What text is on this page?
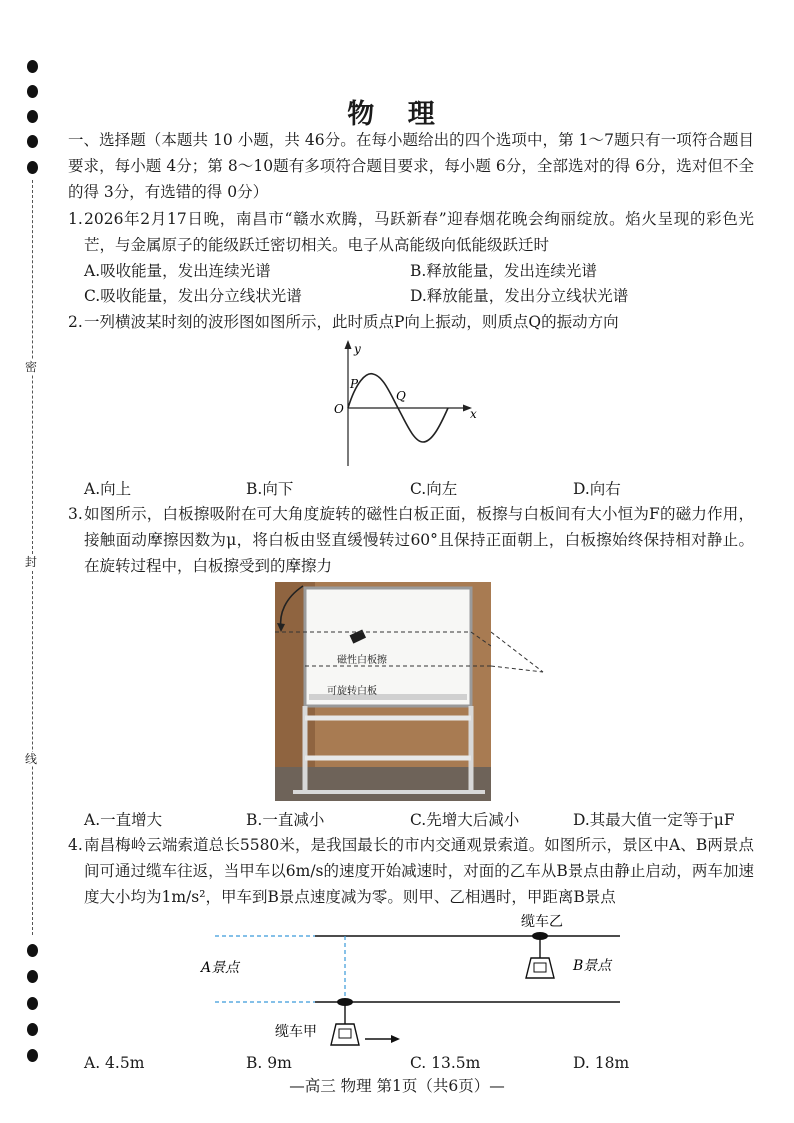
密
封
线
物 理
一、选择题（本题共 10 小题，共 46分。在每小题给出的四个选项中，第 1～7题只有一项符合题目要求，每小题 4分；第 8～10题有多项符合题目要求，每小题 6分，全部选对的得 6分，选对但不全的得 3分，有选错的得 0分）
1. 2026年2月17日晚，南昌市“赣水欢腾，马跃新春”迎春烟花晚会绚丽绽放。焰火呈现的彩色光芒，与金属原子的能级跃迁密切相关。电子从高能级向低能级跃迁时
A.吸收能量，发出连续光谱	B.释放能量，发出连续光谱
C.吸收能量，发出分立线状光谱	D.释放能量，发出分立线状光谱
2. 一列横波某时刻的波形图如图所示，此时质点P向上振动，则质点Q的振动方向
y
x
O
P
Q
A.向上	B.向下	C.向左	D.向右
3. 如图所示，白板擦吸附在可大角度旋转的磁性白板正面，板擦与白板间有大小恒为F的磁力作用，接触面动摩擦因数为μ，将白板由竖直缓慢转过60°且保持正面朝上，白板擦始终保持相对静止。在旋转过程中，白板擦受到的摩擦力
磁性白板擦
可旋转白板
A.一直增大	B.一直减小	C.先增大后减小	D.其最大值一定等于μF
4. 南昌梅岭云端索道总长5580米，是我国最长的市内交通观景索道。如图所示，景区中A、B两景点间可通过缆车往返，当甲车以6m/s的速度开始减速时，对面的乙车从B景点由静止启动，两车加速度大小均为1m/s²，甲车到B景点速度减为零。则甲、乙相遇时，甲距离B景点
缆车乙
缆车甲
A景点	B景点
A. 4.5m	B. 9m	C. 13.5m	D. 18m
—高三 物理 第1页（共6页）—
